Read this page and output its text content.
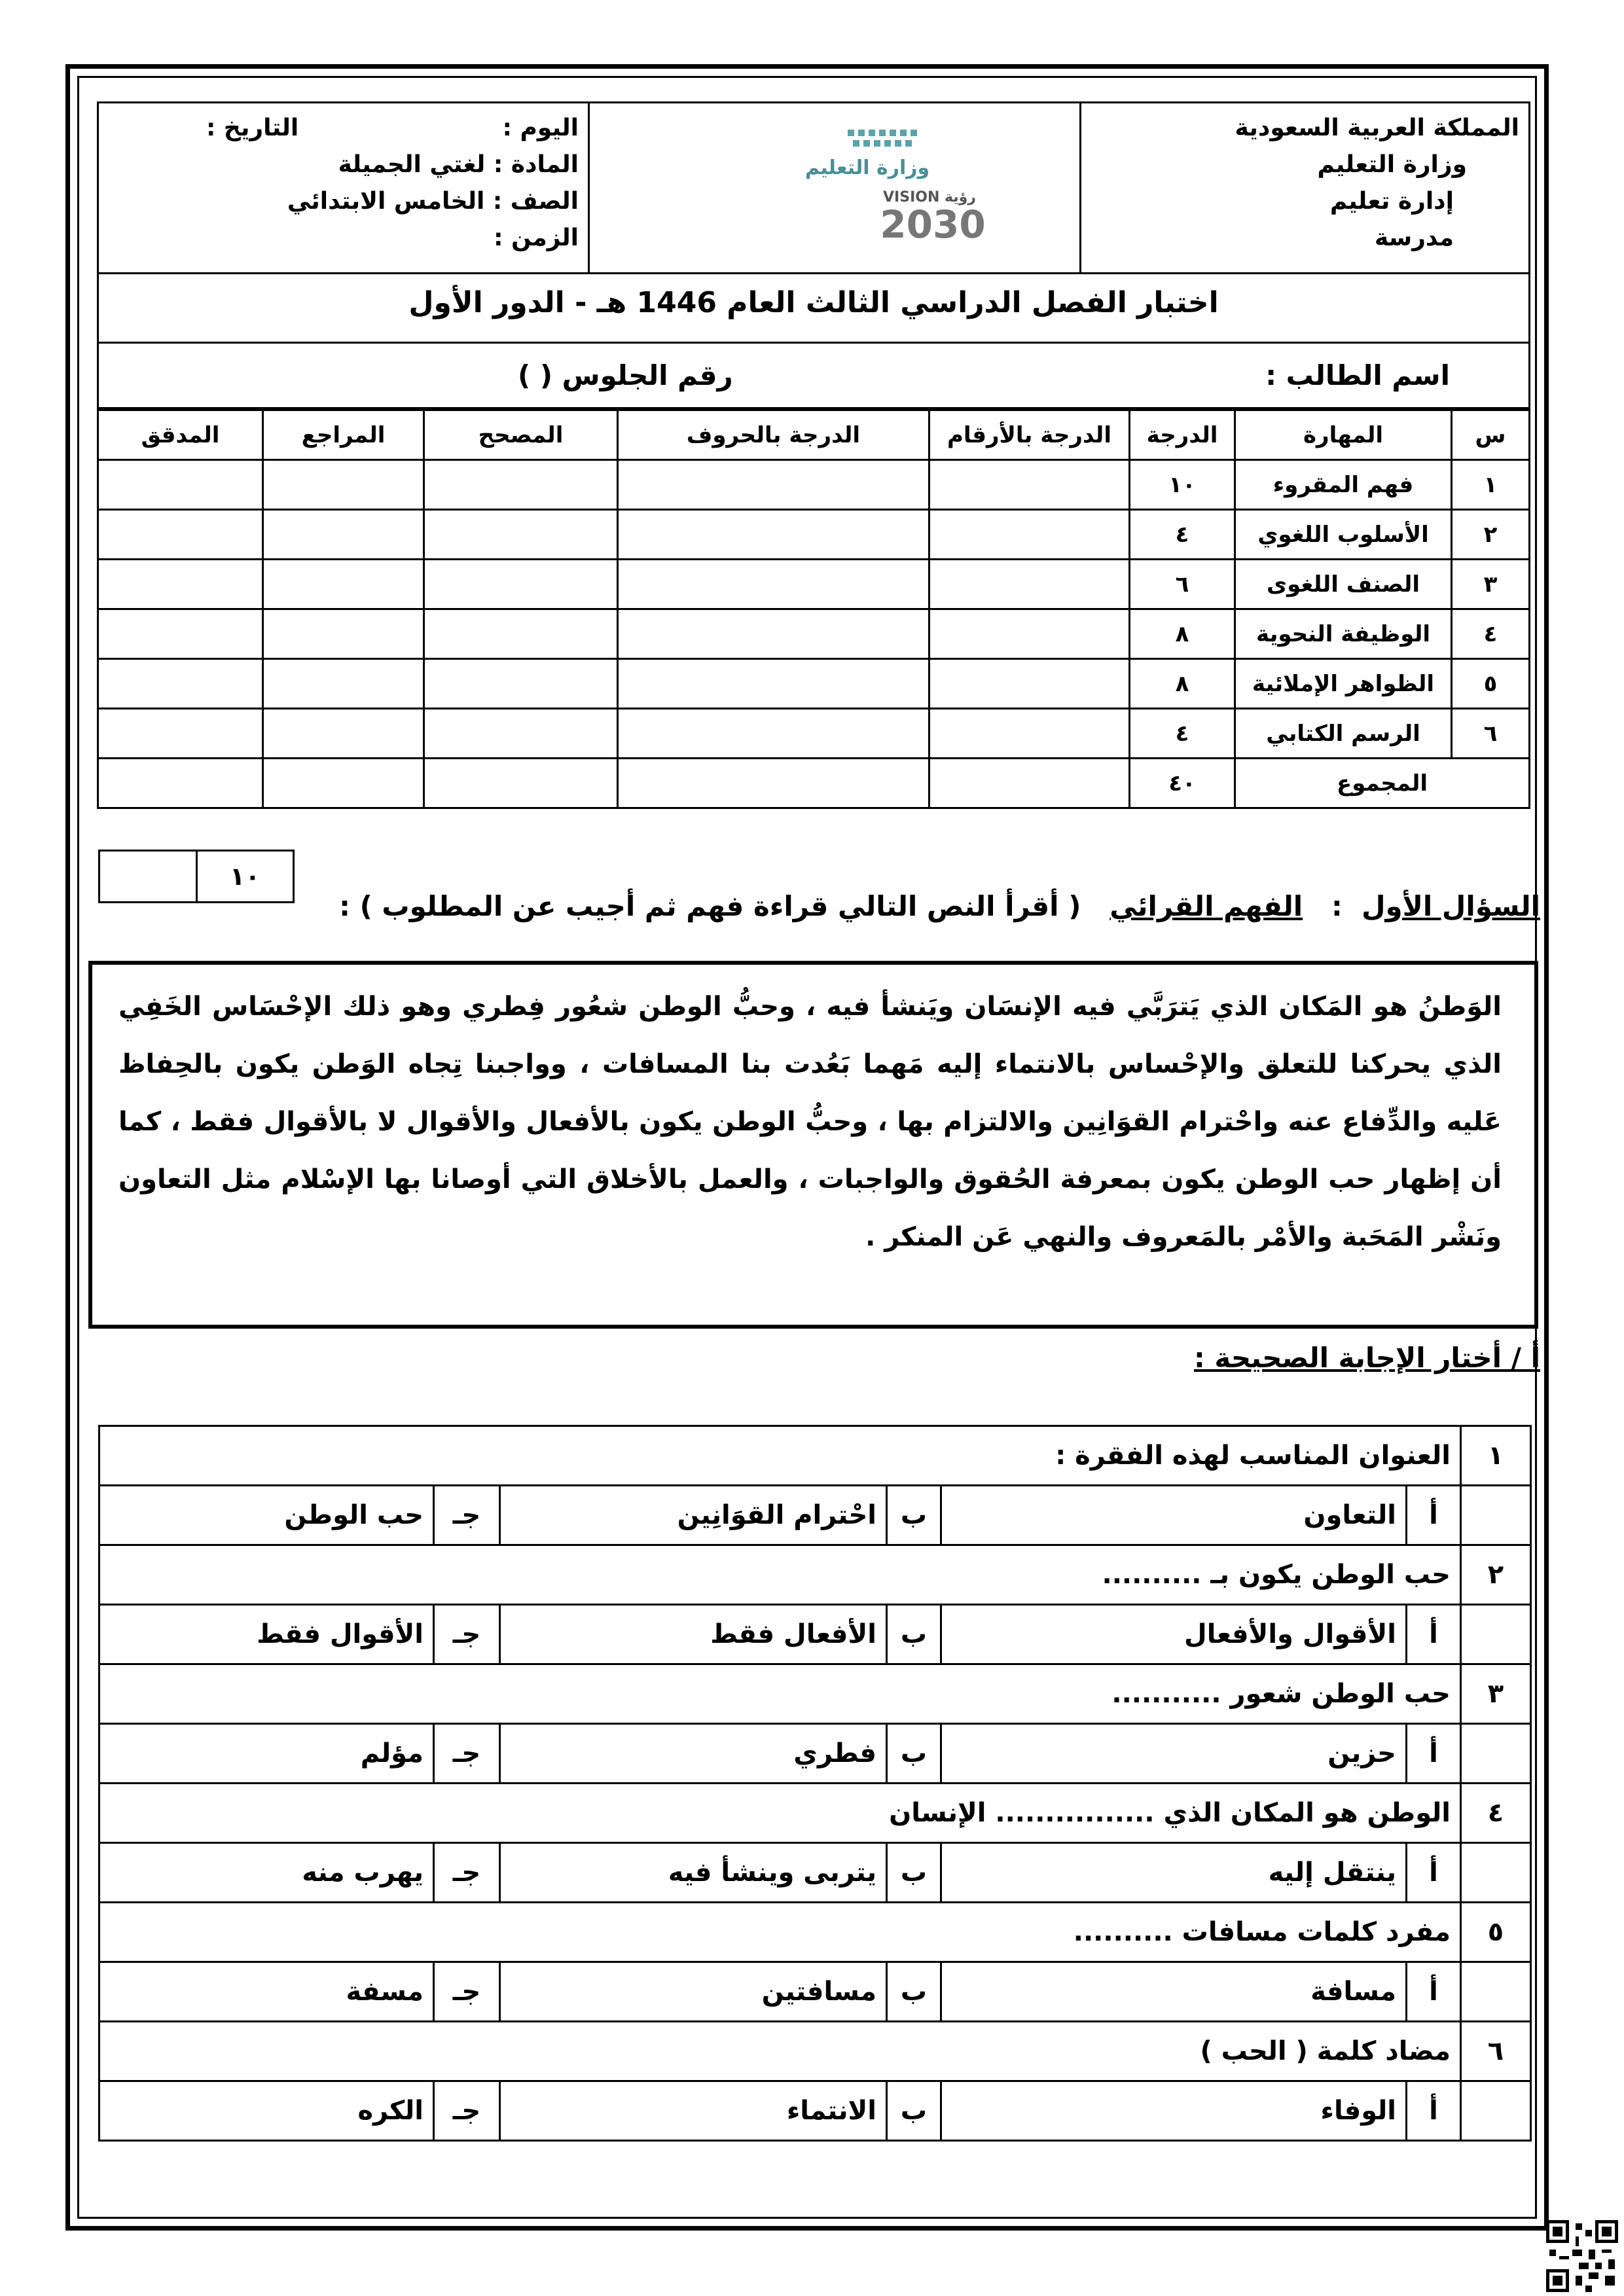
المملكة العربية السعودية
وزارة التعليم
إدارة تعليم
مدرسة

اليوم :
التاريخ :
المادة : لغتي الجميلة
الصف : الخامس الابتدائي
الزمن :
وزارة التعليم
VISION رؤية
2030
اختبار الفصل الدراسي الثالث العام 1446 هـ - الدور الأول
اسم الطالب :
رقم الجلوس ( )
س	المهارة	الدرجة	الدرجة بالأرقام	الدرجة بالحروف	المصحح	المراجع	المدقق
١	فهم المقروء	١٠					
٢	الأسلوب اللغوي	٤					
٣	الصنف اللغوى	٦					
٤	الوظيفة النحوية	٨					
٥	الظواهر الإملائية	٨					
٦	الرسم الكتابي	٤					
المجموع		٤٠					
١٠
السؤال الأول  :   الفهم القرائي   ( أقرأ النص التالي قراءة فهم ثم أجيب عن المطلوب ) :
الوَطنُ هو المَكان الذي يَترَبَّي فيه الإنسَان ويَنشأ فيه ، وحبُّ الوطن شعُور فِطري وهو ذلك الإحْسَاس الخَفِي الذي يحركنا للتعلق والإحْساس بالانتماء إليه مَهما بَعُدت بنا المسافات ، وواجبنا تِجاه الوَطن يكون بالحِفاظ عَليه والدِّفاع عنه واحْترام القوَانِين والالتزام بها ، وحبُّ الوطن يكون بالأفعال والأقوال لا بالأقوال فقط ، كما أن إظهار حب الوطن يكون بمعرفة الحُقوق والواجبات ، والعمل بالأخلاق التي أوصانا بها الإسْلام مثل التعاون ونَشْر المَحَبة والأمْر بالمَعروف والنهي عَن المنكر .
أ / أختار الإجابة الصحيحة :
١	العنوان المناسب لهذه الفقرة :					
	أ	التعاون	ب	احْترام القوَانِين	جـ	حب الوطن
٢	حب الوطن يكون بـ ..........					
	أ	الأقوال والأفعال	ب	الأفعال فقط	جـ	الأقوال فقط
٣	حب الوطن شعور ...........					
	أ	حزين	ب	فطري	جـ	مؤلم
٤	الوطن هو المكان الذي ................ الإنسان					
	أ	ينتقل إليه	ب	يتربى وينشأ فيه	جـ	يهرب منه
٥	مفرد كلمات مسافات ..........					
	أ	مسافة	ب	مسافتين	جـ	مسفة
٦	مضاد كلمة ( الحب )					
	أ	الوفاء	ب	الانتماء	جـ	الكره
